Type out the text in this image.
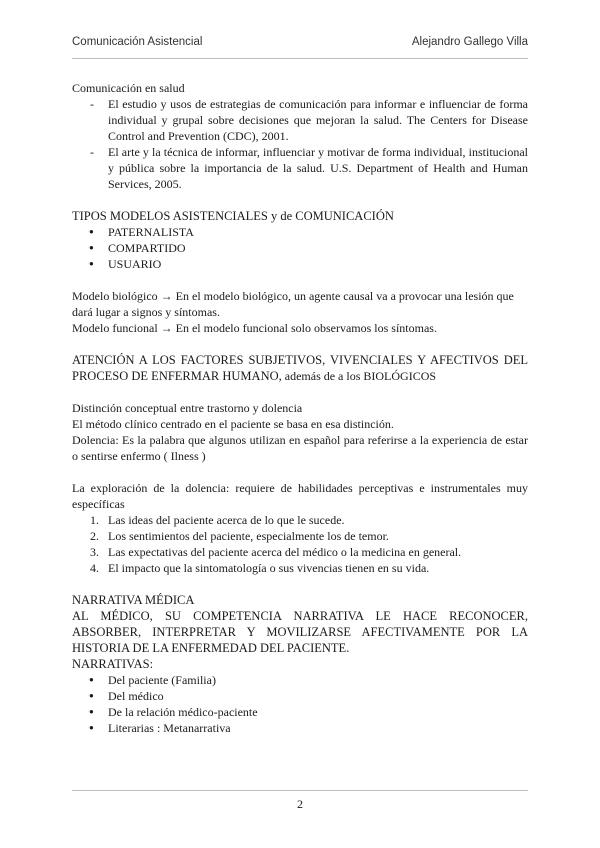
Comunicación Asistencial	Alejandro Gallego Villa

Comunicación en salud

- El estudio y usos de estrategias de comunicación para informar e influenciar de forma individual y grupal sobre decisiones que mejoran la salud. The Centers for Disease Control and Prevention (CDC), 2001.
- El arte y la técnica de informar, influenciar y motivar de forma individual, institucional y pública sobre la importancia de la salud. U.S. Department of Health and Human Services, 2005.

TIPOS MODELOS ASISTENCIALES y de COMUNICACIÓN

● PATERNALISTA
● COMPARTIDO
● USUARIO

Modelo biológico → En el modelo biológico, un agente causal va a provocar una lesión que dará lugar a signos y síntomas.

Modelo funcional → En el modelo funcional solo observamos los síntomas.

ATENCIÓN A LOS FACTORES SUBJETIVOS, VIVENCIALES Y AFECTIVOS DEL PROCESO DE ENFERMAR HUMANO, además de a los BIOLÓGICOS

Distinción conceptual entre trastorno y dolencia

El método clínico centrado en el paciente se basa en esa distinción.

Dolencia: Es la palabra que algunos utilizan en español para referirse a la experiencia de estar o sentirse enfermo ( Ilness )

La exploración de la dolencia: requiere de habilidades perceptivas e instrumentales muy específicas

1. Las ideas del paciente acerca de lo que le sucede.
2. Los sentimientos del paciente, especialmente los de temor.
3. Las expectativas del paciente acerca del médico o la medicina en general.
4. El impacto que la sintomatología o sus vivencias tienen en su vida.

NARRATIVA MÉDICA

AL MÉDICO, SU COMPETENCIA NARRATIVA LE HACE RECONOCER, ABSORBER, INTERPRETAR Y MOVILIZARSE AFECTIVAMENTE POR LA HISTORIA DE LA ENFERMEDAD DEL PACIENTE.

NARRATIVAS:

● Del paciente (Familia)
● Del médico
● De la relación médico-paciente
● Literarias : Metanarrativa
2
